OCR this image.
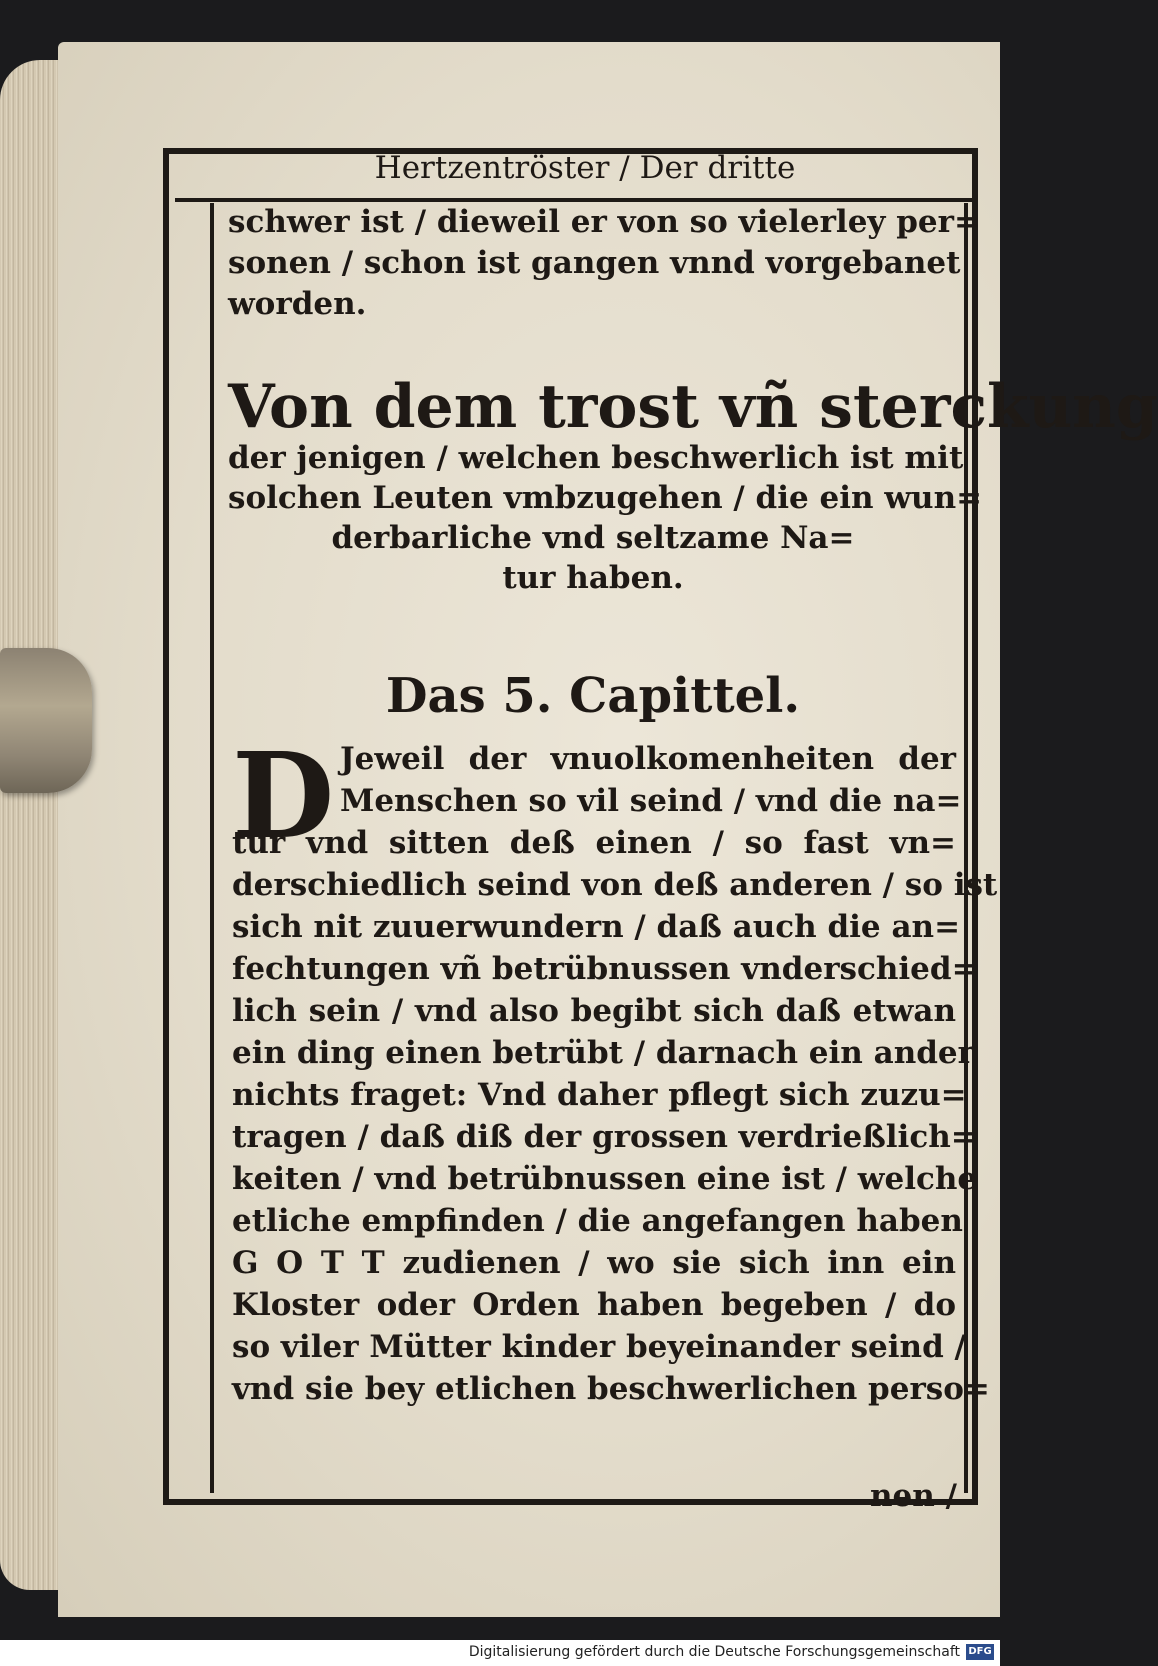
Hertzentröster / Der dritte
schwer ist / dieweil er von so vielerley per=
sonen / schon ist gangen vnnd vorgebanet
worden.
Von dem trost vñ sterckung
der jenigen / welchen beschwerlich ist mit
solchen Leuten vmbzugehen / die ein wun=
derbarliche vnd seltzame Na=
tur haben.
Das 5. Capittel.
D Jeweil der vnuolkomenheiten der
Menschen so vil seind / vnd die na=
tur vnd sitten deß einen / so fast vn=
derschiedlich seind von deß anderen / so ist
sich nit zuuerwundern / daß auch die an=
fechtungen vñ betrübnussen vnderschied=
lich sein / vnd also begibt sich daß etwan
ein ding einen betrübt / darnach ein ander
nichts fraget: Vnd daher pflegt sich zuzu=
tragen / daß diß der grossen verdrießlich=
keiten / vnd betrübnussen eine ist / welche
etliche empfinden / die angefangen haben
G O T T zudienen / wo sie sich inn ein
Kloster oder Orden haben begeben / do
so viler Mütter kinder beyeinander seind /
vnd sie bey etlichen beschwerlichen perso=
nen /
Digitalisierung gefördert durch die Deutsche Forschungsgemeinschaft DFG
